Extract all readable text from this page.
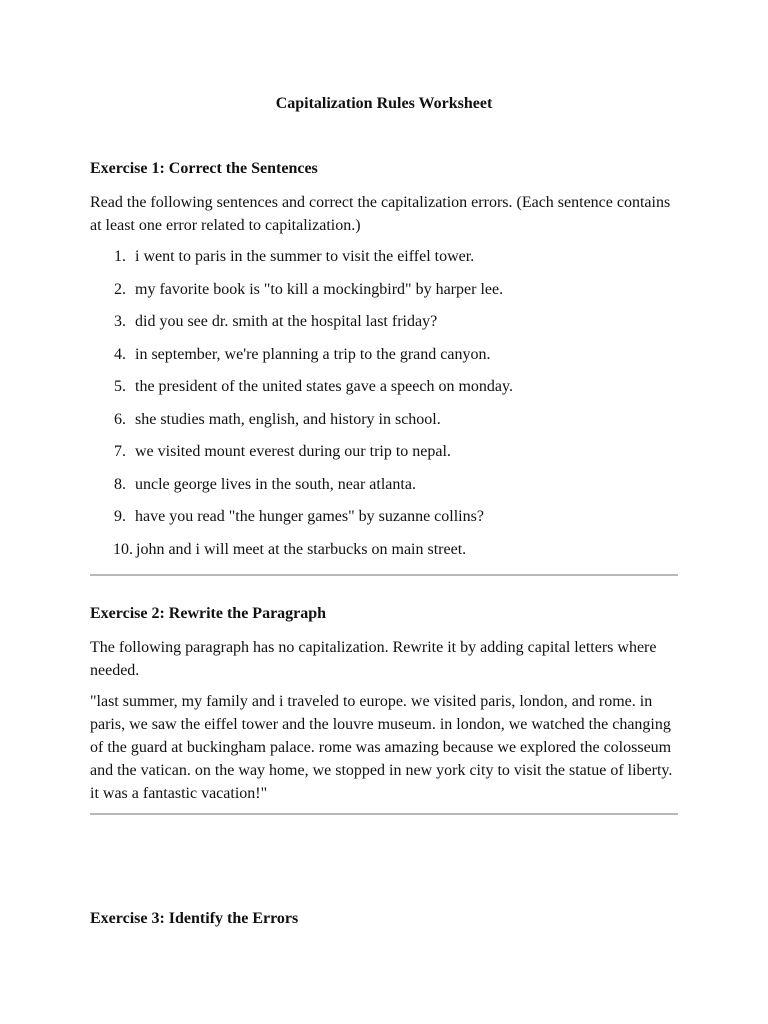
Capitalization Rules Worksheet
Exercise 1: Correct the Sentences

Read the following sentences and correct the capitalization errors. (Each sentence contains at least one error related to capitalization.)

1. i went to paris in the summer to visit the eiffel tower.
2. my favorite book is "to kill a mockingbird" by harper lee.
3. did you see dr. smith at the hospital last friday?
4. in september, we're planning a trip to the grand canyon.
5. the president of the united states gave a speech on monday.
6. she studies math, english, and history in school.
7. we visited mount everest during our trip to nepal.
8. uncle george lives in the south, near atlanta.
9. have you read "the hunger games" by suzanne collins?
10. john and i will meet at the starbucks on main street.
Exercise 2: Rewrite the Paragraph

The following paragraph has no capitalization. Rewrite it by adding capital letters where needed.

"last summer, my family and i traveled to europe. we visited paris, london, and rome. in paris, we saw the eiffel tower and the louvre museum. in london, we watched the changing of the guard at buckingham palace. rome was amazing because we explored the colosseum and the vatican. on the way home, we stopped in new york city to visit the statue of liberty. it was a fantastic vacation!"

Exercise 3: Identify the Errors
